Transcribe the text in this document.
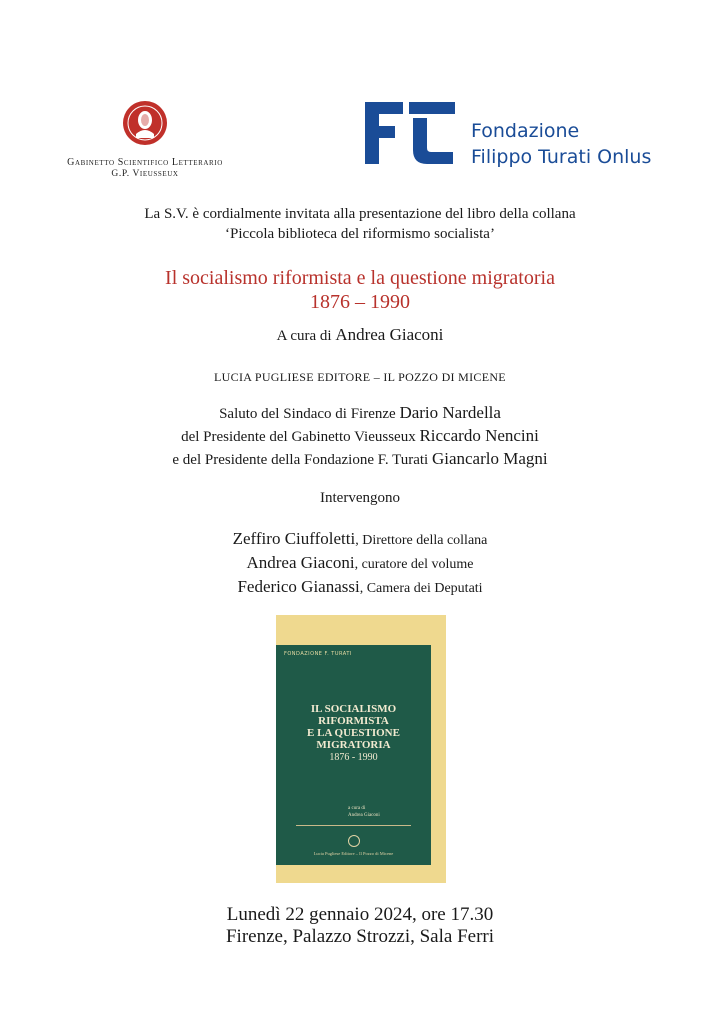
Gabinetto Scientifico Letterario
G.P. Vieusseux
Fondazione
Filippo Turati Onlus
La S.V. è cordialmente invitata alla presentazione del libro della collana
‘Piccola biblioteca del riformismo socialista’
Il socialismo riformista e la questione migratoria
1876 – 1990
A cura di Andrea Giaconi
LUCIA PUGLIESE EDITORE – IL POZZO DI MICENE
Saluto del Sindaco di Firenze Dario Nardella
del Presidente del Gabinetto Vieusseux Riccardo Nencini
e del Presidente della Fondazione F. Turati Giancarlo Magni
Intervengono
Zeffiro Ciuffoletti, Direttore della collana
Andrea Giaconi, curatore del volume
Federico Gianassi, Camera dei Deputati
FONDAZIONE F. TURATI
IL SOCIALISMO
RIFORMISTA
E LA QUESTIONE
MIGRATORIA
1876 - 1990
a cura di
Andrea Giaconi
Lucia Pugliese Editore – Il Pozzo di Micene
Lunedì 22 gennaio 2024, ore 17.30
Firenze, Palazzo Strozzi, Sala Ferri
